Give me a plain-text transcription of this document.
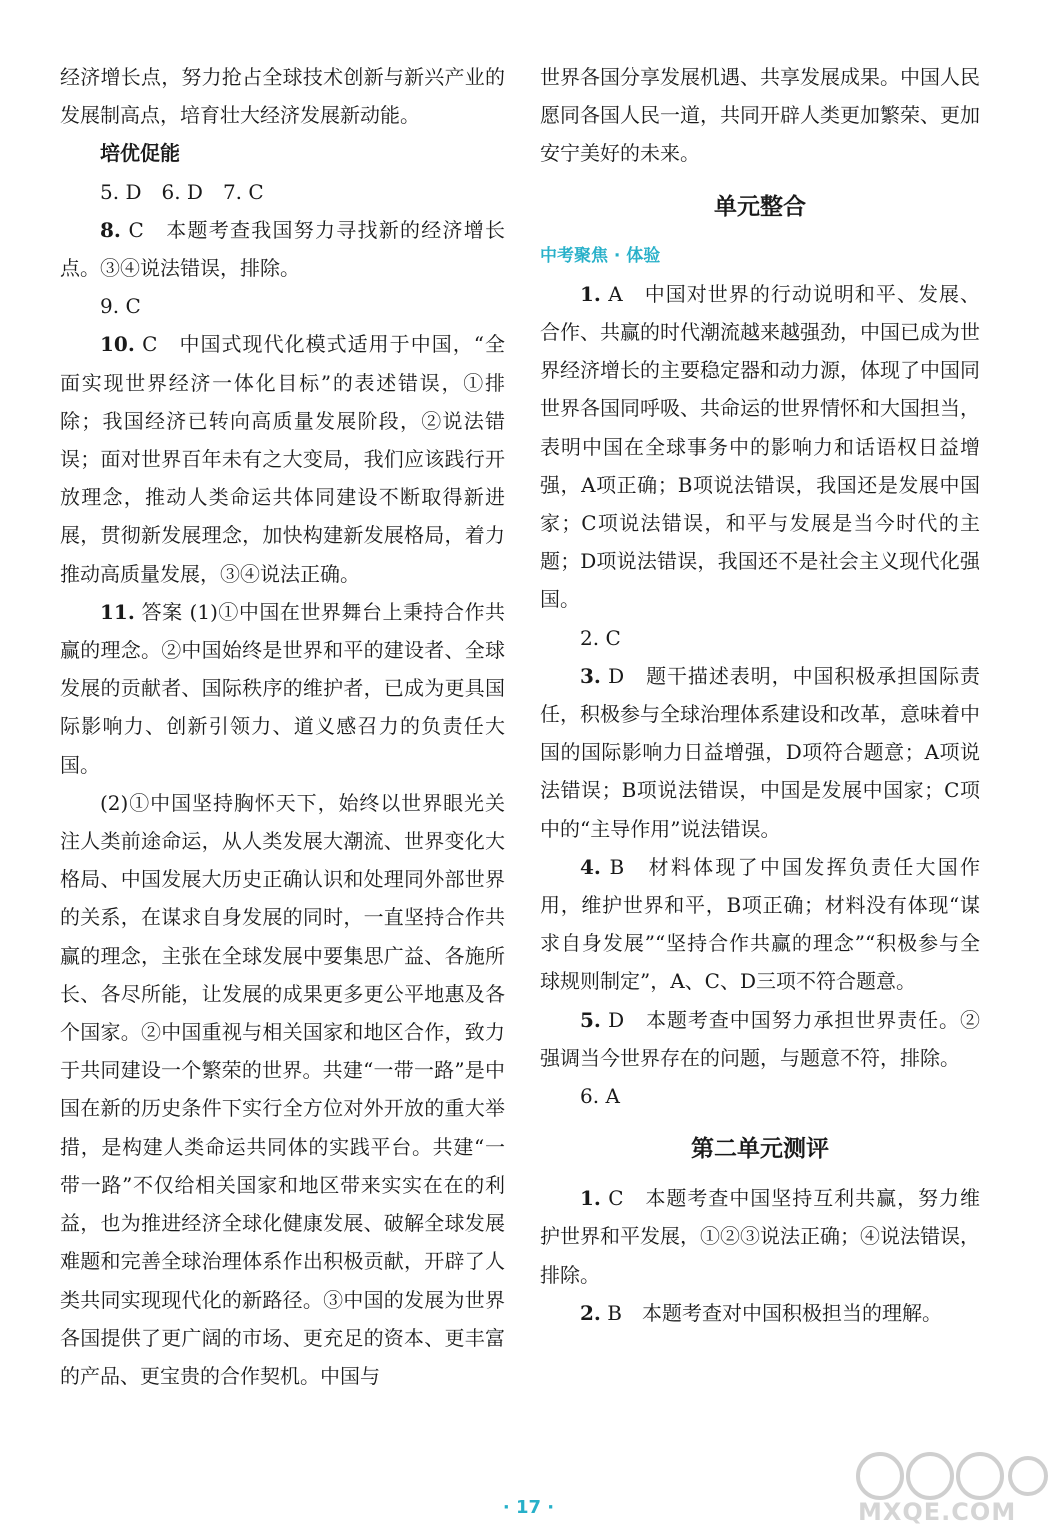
经济增长点，努力抢占全球技术创新与新兴产业的发展制高点，培育壮大经济发展新动能。

培优促能

5. D　6. D　7. C

8. C　本题考查我国努力寻找新的经济增长点。③④说法错误，排除。

9. C

10. C　中国式现代化模式适用于中国，“全面实现世界经济一体化目标”的表述错误，①排除；我国经济已转向高质量发展阶段，②说法错误；面对世界百年未有之大变局，我们应该践行开放理念，推动人类命运共体同建设不断取得新进展，贯彻新发展理念，加快构建新发展格局，着力推动高质量发展，③④说法正确。

11. 答案 (1)①中国在世界舞台上秉持合作共赢的理念。②中国始终是世界和平的建设者、全球发展的贡献者、国际秩序的维护者，已成为更具国际影响力、创新引领力、道义感召力的负责任大国。

(2)①中国坚持胸怀天下，始终以世界眼光关注人类前途命运，从人类发展大潮流、世界变化大格局、中国发展大历史正确认识和处理同外部世界的关系，在谋求自身发展的同时，一直坚持合作共赢的理念，主张在全球发展中要集思广益、各施所长、各尽所能，让发展的成果更多更公平地惠及各个国家。②中国重视与相关国家和地区合作，致力于共同建设一个繁荣的世界。共建“一带一路”是中国在新的历史条件下实行全方位对外开放的重大举措，是构建人类命运共同体的实践平台。共建“一带一路”不仅给相关国家和地区带来实实在在的利益，也为推进经济全球化健康发展、破解全球发展难题和完善全球治理体系作出积极贡献，开辟了人类共同实现现代化的新路径。③中国的发展为世界各国提供了更广阔的市场、更充足的资本、更丰富的产品、更宝贵的合作契机。中国与

世界各国分享发展机遇、共享发展成果。中国人民愿同各国人民一道，共同开辟人类更加繁荣、更加安宁美好的未来。

单元整合

中考聚焦 · 体验

1. A　中国对世界的行动说明和平、发展、合作、共赢的时代潮流越来越强劲，中国已成为世界经济增长的主要稳定器和动力源，体现了中国同世界各国同呼吸、共命运的世界情怀和大国担当，表明中国在全球事务中的影响力和话语权日益增强，A项正确；B项说法错误，我国还是发展中国家；C项说法错误，和平与发展是当今时代的主题；D项说法错误，我国还不是社会主义现代化强国。

2. C

3. D　题干描述表明，中国积极承担国际责任，积极参与全球治理体系建设和改革，意味着中国的国际影响力日益增强，D项符合题意；A项说法错误；B项说法错误，中国是发展中国家；C项中的“主导作用”说法错误。

4. B　材料体现了中国发挥负责任大国作用，维护世界和平，B项正确；材料没有体现“谋求自身发展”“坚持合作共赢的理念”“积极参与全球规则制定”，A、C、D三项不符合题意。

5. D　本题考查中国努力承担世界责任。②强调当今世界存在的问题，与题意不符，排除。

6. A

第二单元测评

1. C　本题考查中国坚持互利共赢，努力维护世界和平发展，①②③说法正确；④说法错误，排除。

2. B　本题考查对中国积极担当的理解。

· 17 ·	MXQE.COM
